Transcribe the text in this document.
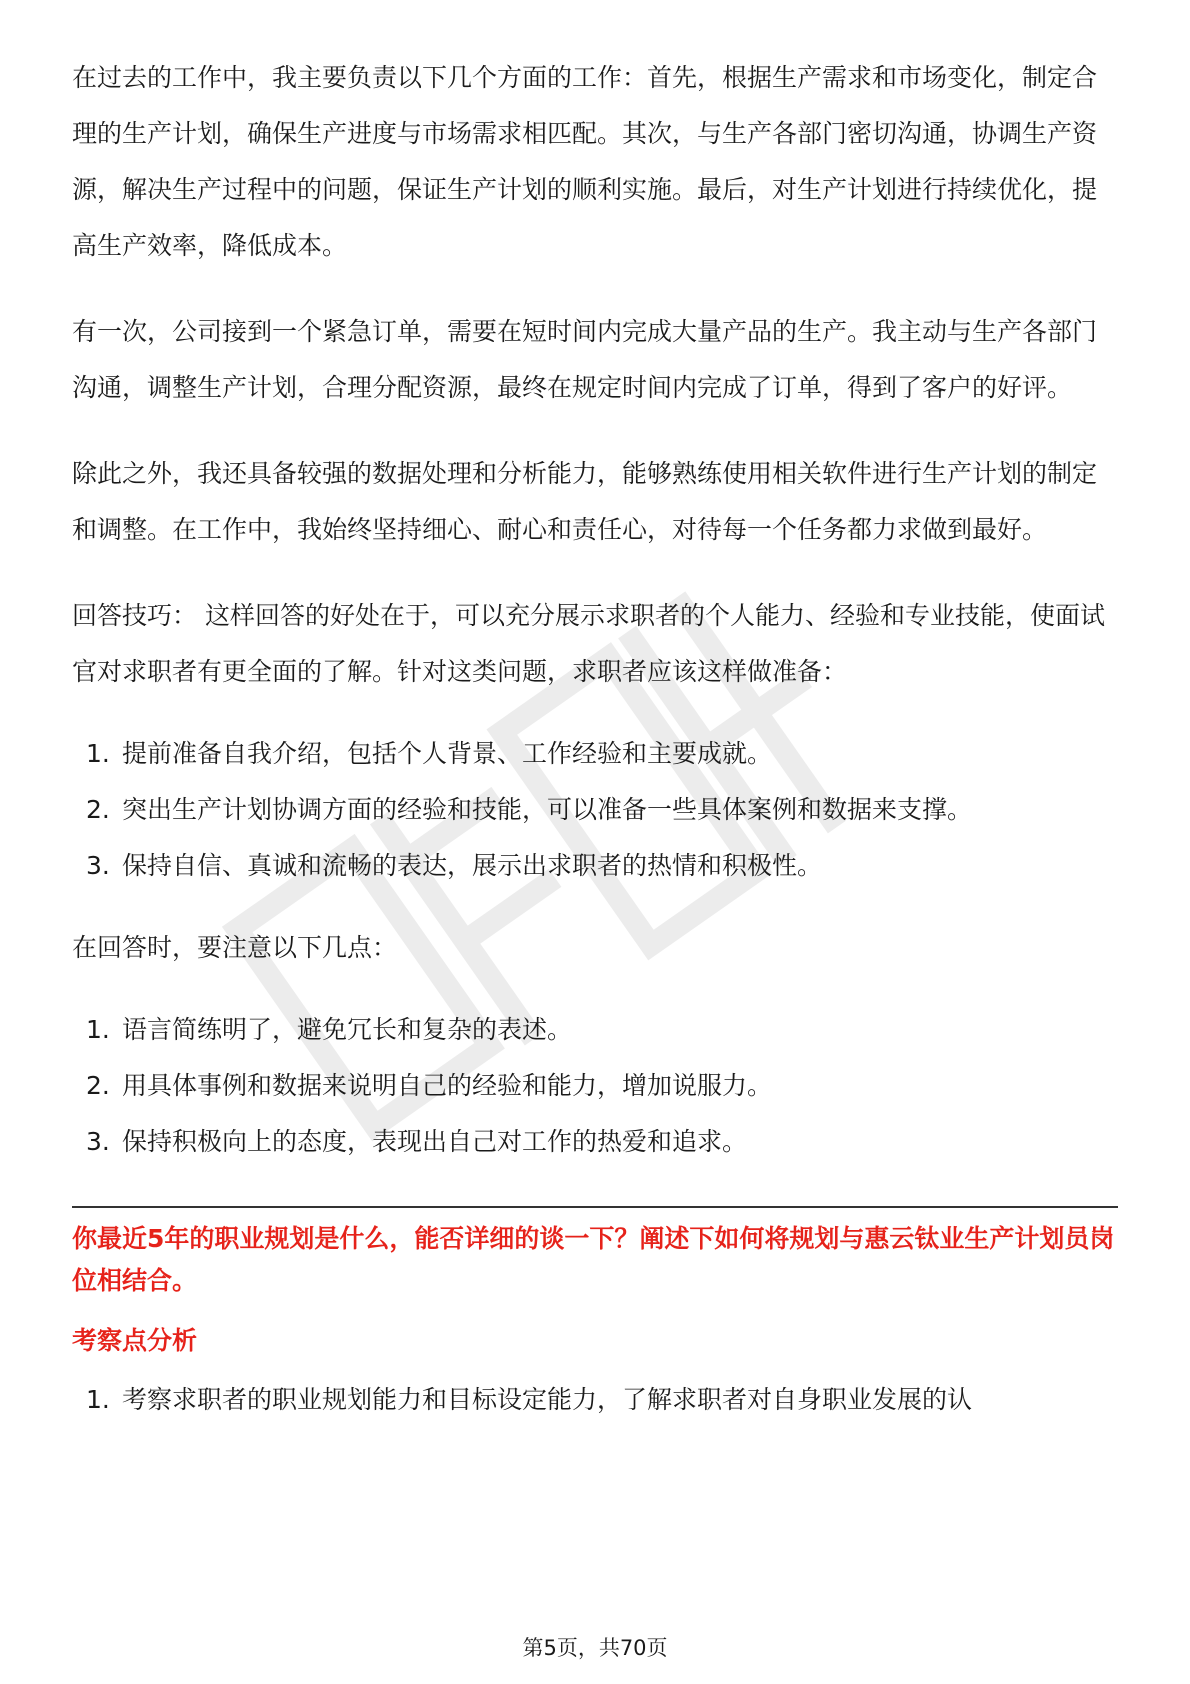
在过去的工作中，我主要负责以下几个方面的工作：首先，根据生产需求和市场变化，制定合理的生产计划，确保生产进度与市场需求相匹配。其次，与生产各部门密切沟通，协调生产资源，解决生产过程中的问题，保证生产计划的顺利实施。最后，对生产计划进行持续优化，提高生产效率，降低成本。

有一次，公司接到一个紧急订单，需要在短时间内完成大量产品的生产。我主动与生产各部门沟通，调整生产计划，合理分配资源，最终在规定时间内完成了订单，得到了客户的好评。

除此之外，我还具备较强的数据处理和分析能力，能够熟练使用相关软件进行生产计划的制定和调整。在工作中，我始终坚持细心、耐心和责任心，对待每一个任务都力求做到最好。

回答技巧： 这样回答的好处在于，可以充分展示求职者的个人能力、经验和专业技能，使面试官对求职者有更全面的了解。针对这类问题，求职者应该这样做准备：

1. 提前准备自我介绍，包括个人背景、工作经验和主要成就。
2. 突出生产计划协调方面的经验和技能，可以准备一些具体案例和数据来支撑。
3. 保持自信、真诚和流畅的表达，展示出求职者的热情和积极性。

在回答时，要注意以下几点：

1. 语言简练明了，避免冗长和复杂的表述。
2. 用具体事例和数据来说明自己的经验和能力，增加说服力。
3. 保持积极向上的态度，表现出自己对工作的热爱和追求。

你最近5年的职业规划是什么，能否详细的谈一下？阐述下如何将规划与惠云钛业生产计划员岗位相结合。

考察点分析

1. 考察求职者的职业规划能力和目标设定能力，了解求职者对自身职业发展的认
第5页，共70页
